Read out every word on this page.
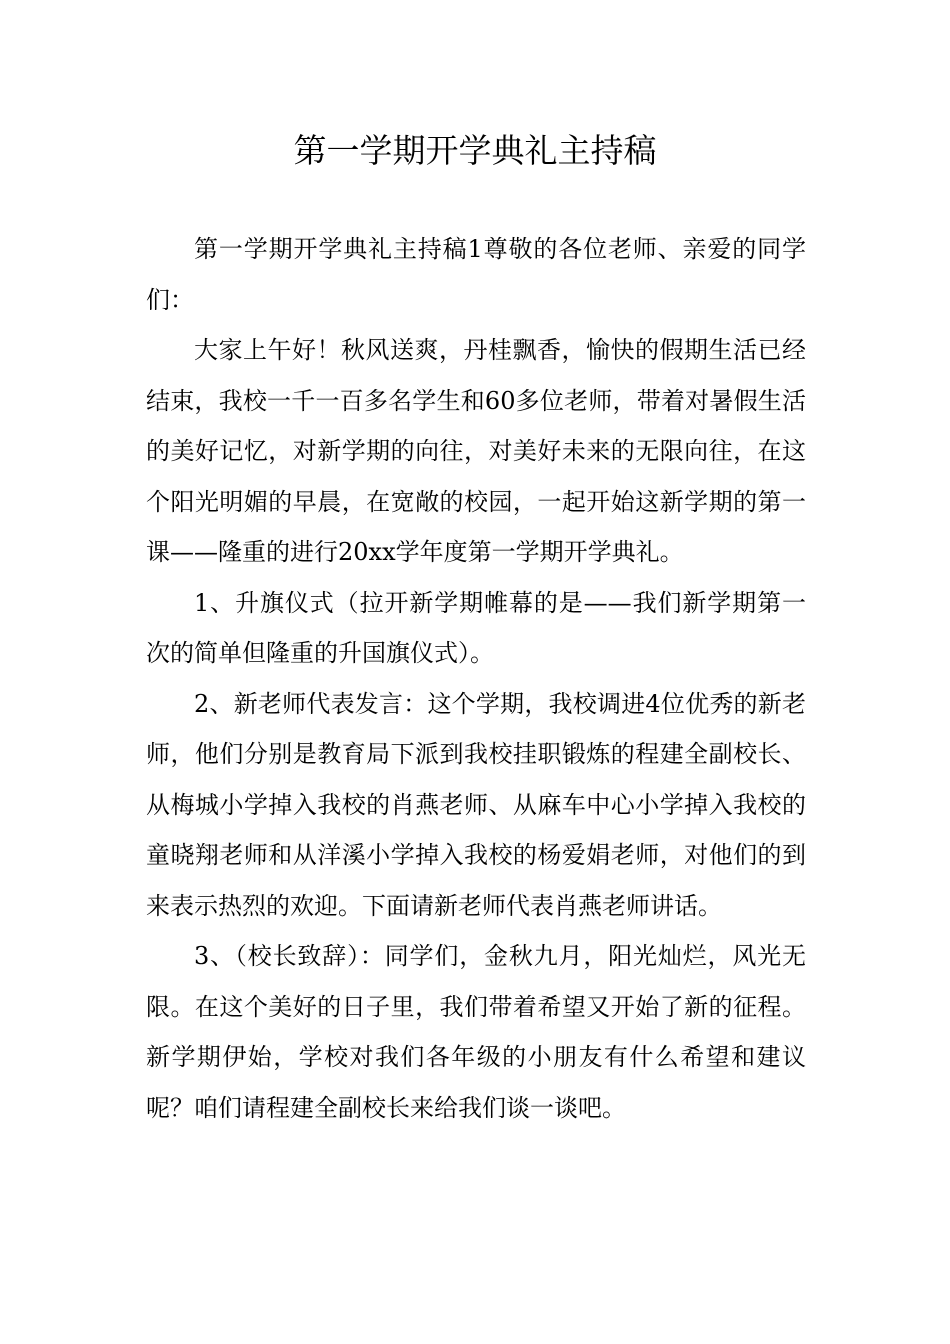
第一学期开学典礼主持稿

第一学期开学典礼主持稿1尊敬的各位老师、亲爱的同学们：

大家上午好！秋风送爽，丹桂飘香，愉快的假期生活已经结束，我校一千一百多名学生和60多位老师，带着对暑假生活的美好记忆，对新学期的向往，对美好未来的无限向往，在这个阳光明媚的早晨，在宽敞的校园，一起开始这新学期的第一课——隆重的进行20xx学年度第一学期开学典礼。

1、升旗仪式（拉开新学期帷幕的是——我们新学期第一次的简单但隆重的升国旗仪式）。

2、新老师代表发言：这个学期，我校调进4位优秀的新老师，他们分别是教育局下派到我校挂职锻炼的程建全副校长、从梅城小学掉入我校的肖燕老师、从麻车中心小学掉入我校的童晓翔老师和从洋溪小学掉入我校的杨爱娟老师，对他们的到来表示热烈的欢迎。下面请新老师代表肖燕老师讲话。

3、（校长致辞）：同学们，金秋九月，阳光灿烂，风光无限。在这个美好的日子里，我们带着希望又开始了新的征程。新学期伊始，学校对我们各年级的小朋友有什么希望和建议呢？咱们请程建全副校长来给我们谈一谈吧。
